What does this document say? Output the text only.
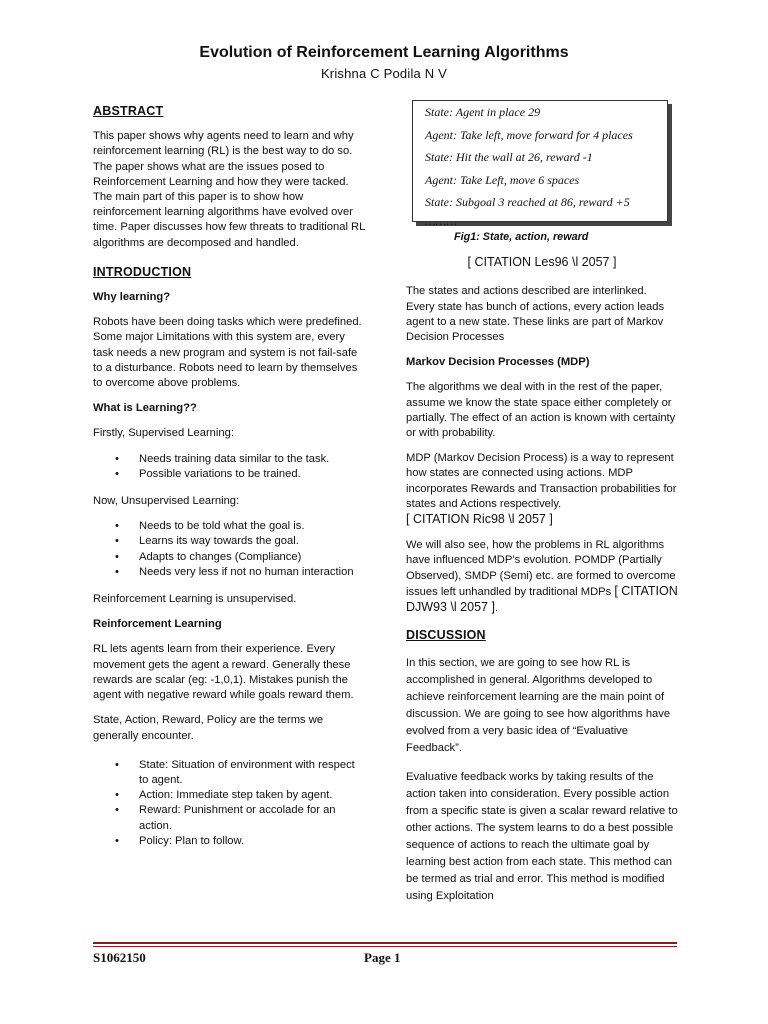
Evolution of Reinforcement Learning Algorithms
Krishna C Podila N V
ABSTRACT

This paper shows why agents need to learn and why reinforcement learning (RL) is the best way to do so. The paper shows what are the issues posed to Reinforcement Learning and how they were tacked. The main part of this paper is to show how reinforcement learning algorithms have evolved over time. Paper discusses how few threats to traditional RL algorithms are decomposed and handled.

INTRODUCTION
Why learning?

Robots have been doing tasks which were predefined. Some major Limitations with this system are, every task needs a new program and system is not fail-safe to a disturbance. Robots need to learn by themselves to overcome above problems.

What is Learning??

Firstly, Supervised Learning:

• Needs training data similar to the task.
• Possible variations to be trained.

Now, Unsupervised Learning:

• Needs to be told what the goal is.
• Learns its way towards the goal.
• Adapts to changes (Compliance)
• Needs very less if not no human interaction

Reinforcement Learning is unsupervised.

Reinforcement Learning

RL lets agents learn from their experience. Every movement gets the agent a reward. Generally these rewards are scalar (eg: -1,0,1). Mistakes punish the agent with negative reward while goals reward them.

State, Action, Reward, Policy are the terms we generally encounter.

• State: Situation of environment with respect to agent.
• Action: Immediate step taken by agent.
• Reward: Punishment or accolade for an action.
• Policy: Plan to follow.
State: Agent in place 29
Agent: Take left, move forward for 4 places
State: Hit the wall at 26, reward -1
Agent: Take Left, move 6 spaces
State: Subgoal 3 reached at 86, reward +5
………
Fig1: State, action, reward
[ CITATION Les96 \l 2057 ]

The states and actions described are interlinked. Every state has bunch of actions, every action leads agent to a new state. These links are part of Markov Decision Processes

Markov Decision Processes (MDP)

The algorithms we deal with in the rest of the paper, assume we know the state space either completely or partially. The effect of an action is known with certainty or with probability.

MDP (Markov Decision Process) is a way to represent how states are connected using actions. MDP incorporates Rewards and Transaction probabilities for states and Actions respectively.
[ CITATION Ric98 \l 2057 ]

We will also see, how the problems in RL algorithms have influenced MDP’s evolution. POMDP (Partially Observed), SMDP (Semi) etc. are formed to overcome issues left unhandled by traditional MDPs [ CITATION DJW93 \l 2057 ].

DISCUSSION

In this section, we are going to see how RL is accomplished in general. Algorithms developed to achieve reinforcement learning are the main point of discussion. We are going to see how algorithms have evolved from a very basic idea of “Evaluative Feedback”.

Evaluative feedback works by taking results of the action taken into consideration. Every possible action from a specific state is given a scalar reward relative to other actions. The system learns to do a best possible sequence of actions to reach the ultimate goal by learning best action from each state. This method can be termed as trial and error. This method is modified using Exploitation

S1062150	Page 1
